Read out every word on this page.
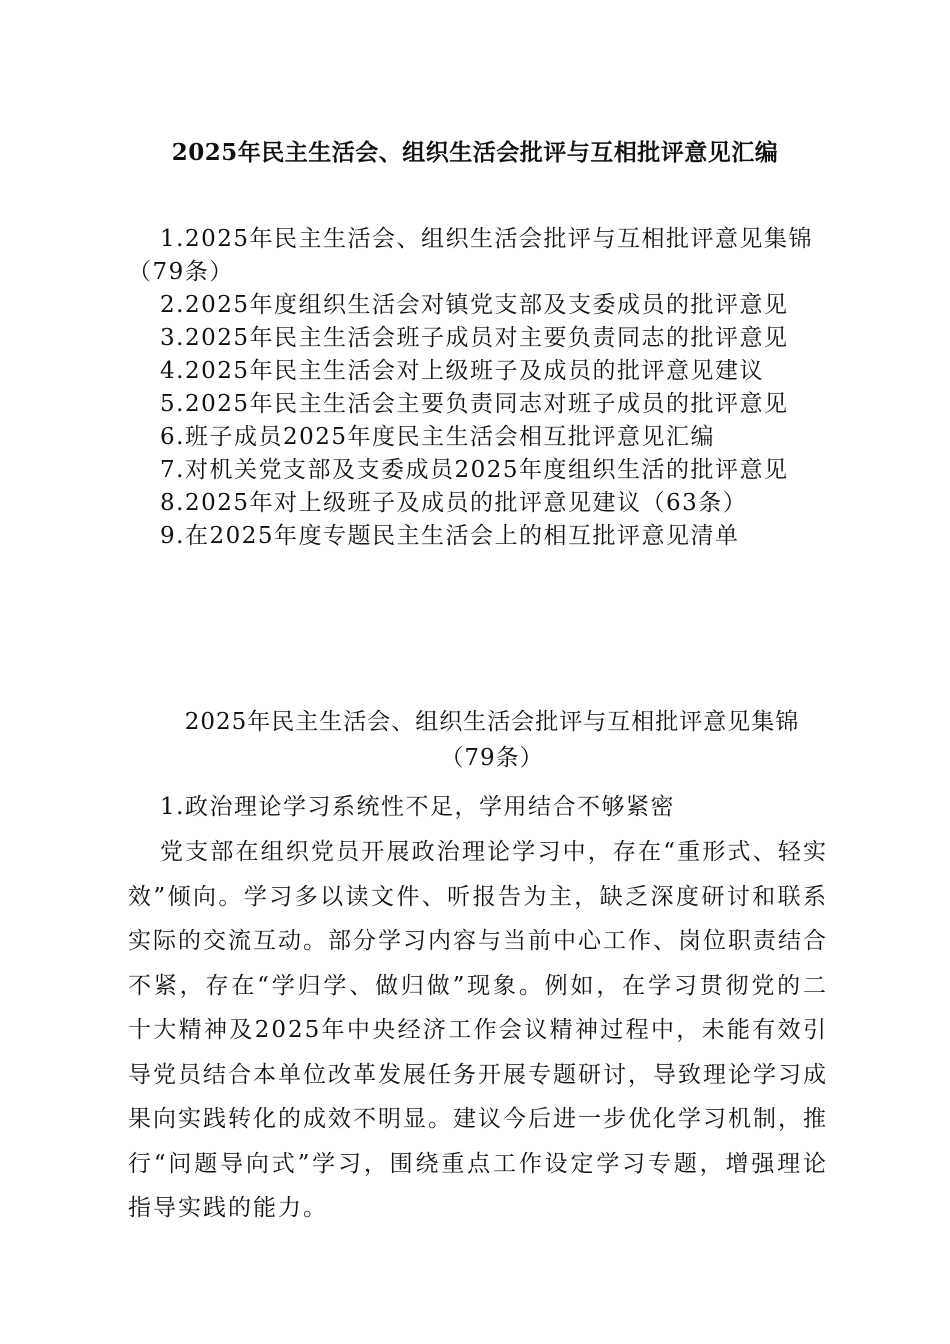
2025年民主生活会、组织生活会批评与互相批评意见汇编
1.2025年民主生活会、组织生活会批评与互相批评意见集锦（79条）
2.2025年度组织生活会对镇党支部及支委成员的批评意见
3.2025年民主生活会班子成员对主要负责同志的批评意见
4.2025年民主生活会对上级班子及成员的批评意见建议
5.2025年民主生活会主要负责同志对班子成员的批评意见
6.班子成员2025年度民主生活会相互批评意见汇编
7.对机关党支部及支委成员2025年度组织生活的批评意见
8.2025年对上级班子及成员的批评意见建议（63条）
9.在2025年度专题民主生活会上的相互批评意见清单
2025年民主生活会、组织生活会批评与互相批评意见集锦
（79条）
1.政治理论学习系统性不足，学用结合不够紧密

党支部在组织党员开展政治理论学习中，存在“重形式、轻实效”倾向。学习多以读文件、听报告为主，缺乏深度研讨和联系实际的交流互动。部分学习内容与当前中心工作、岗位职责结合不紧，存在“学归学、做归做”现象。例如，在学习贯彻党的二十大精神及2025年中央经济工作会议精神过程中，未能有效引导党员结合本单位改革发展任务开展专题研讨，导致理论学习成果向实践转化的成效不明显。建议今后进一步优化学习机制，推行“问题导向式”学习，围绕重点工作设定学习专题，增强理论指导实践的能力。
